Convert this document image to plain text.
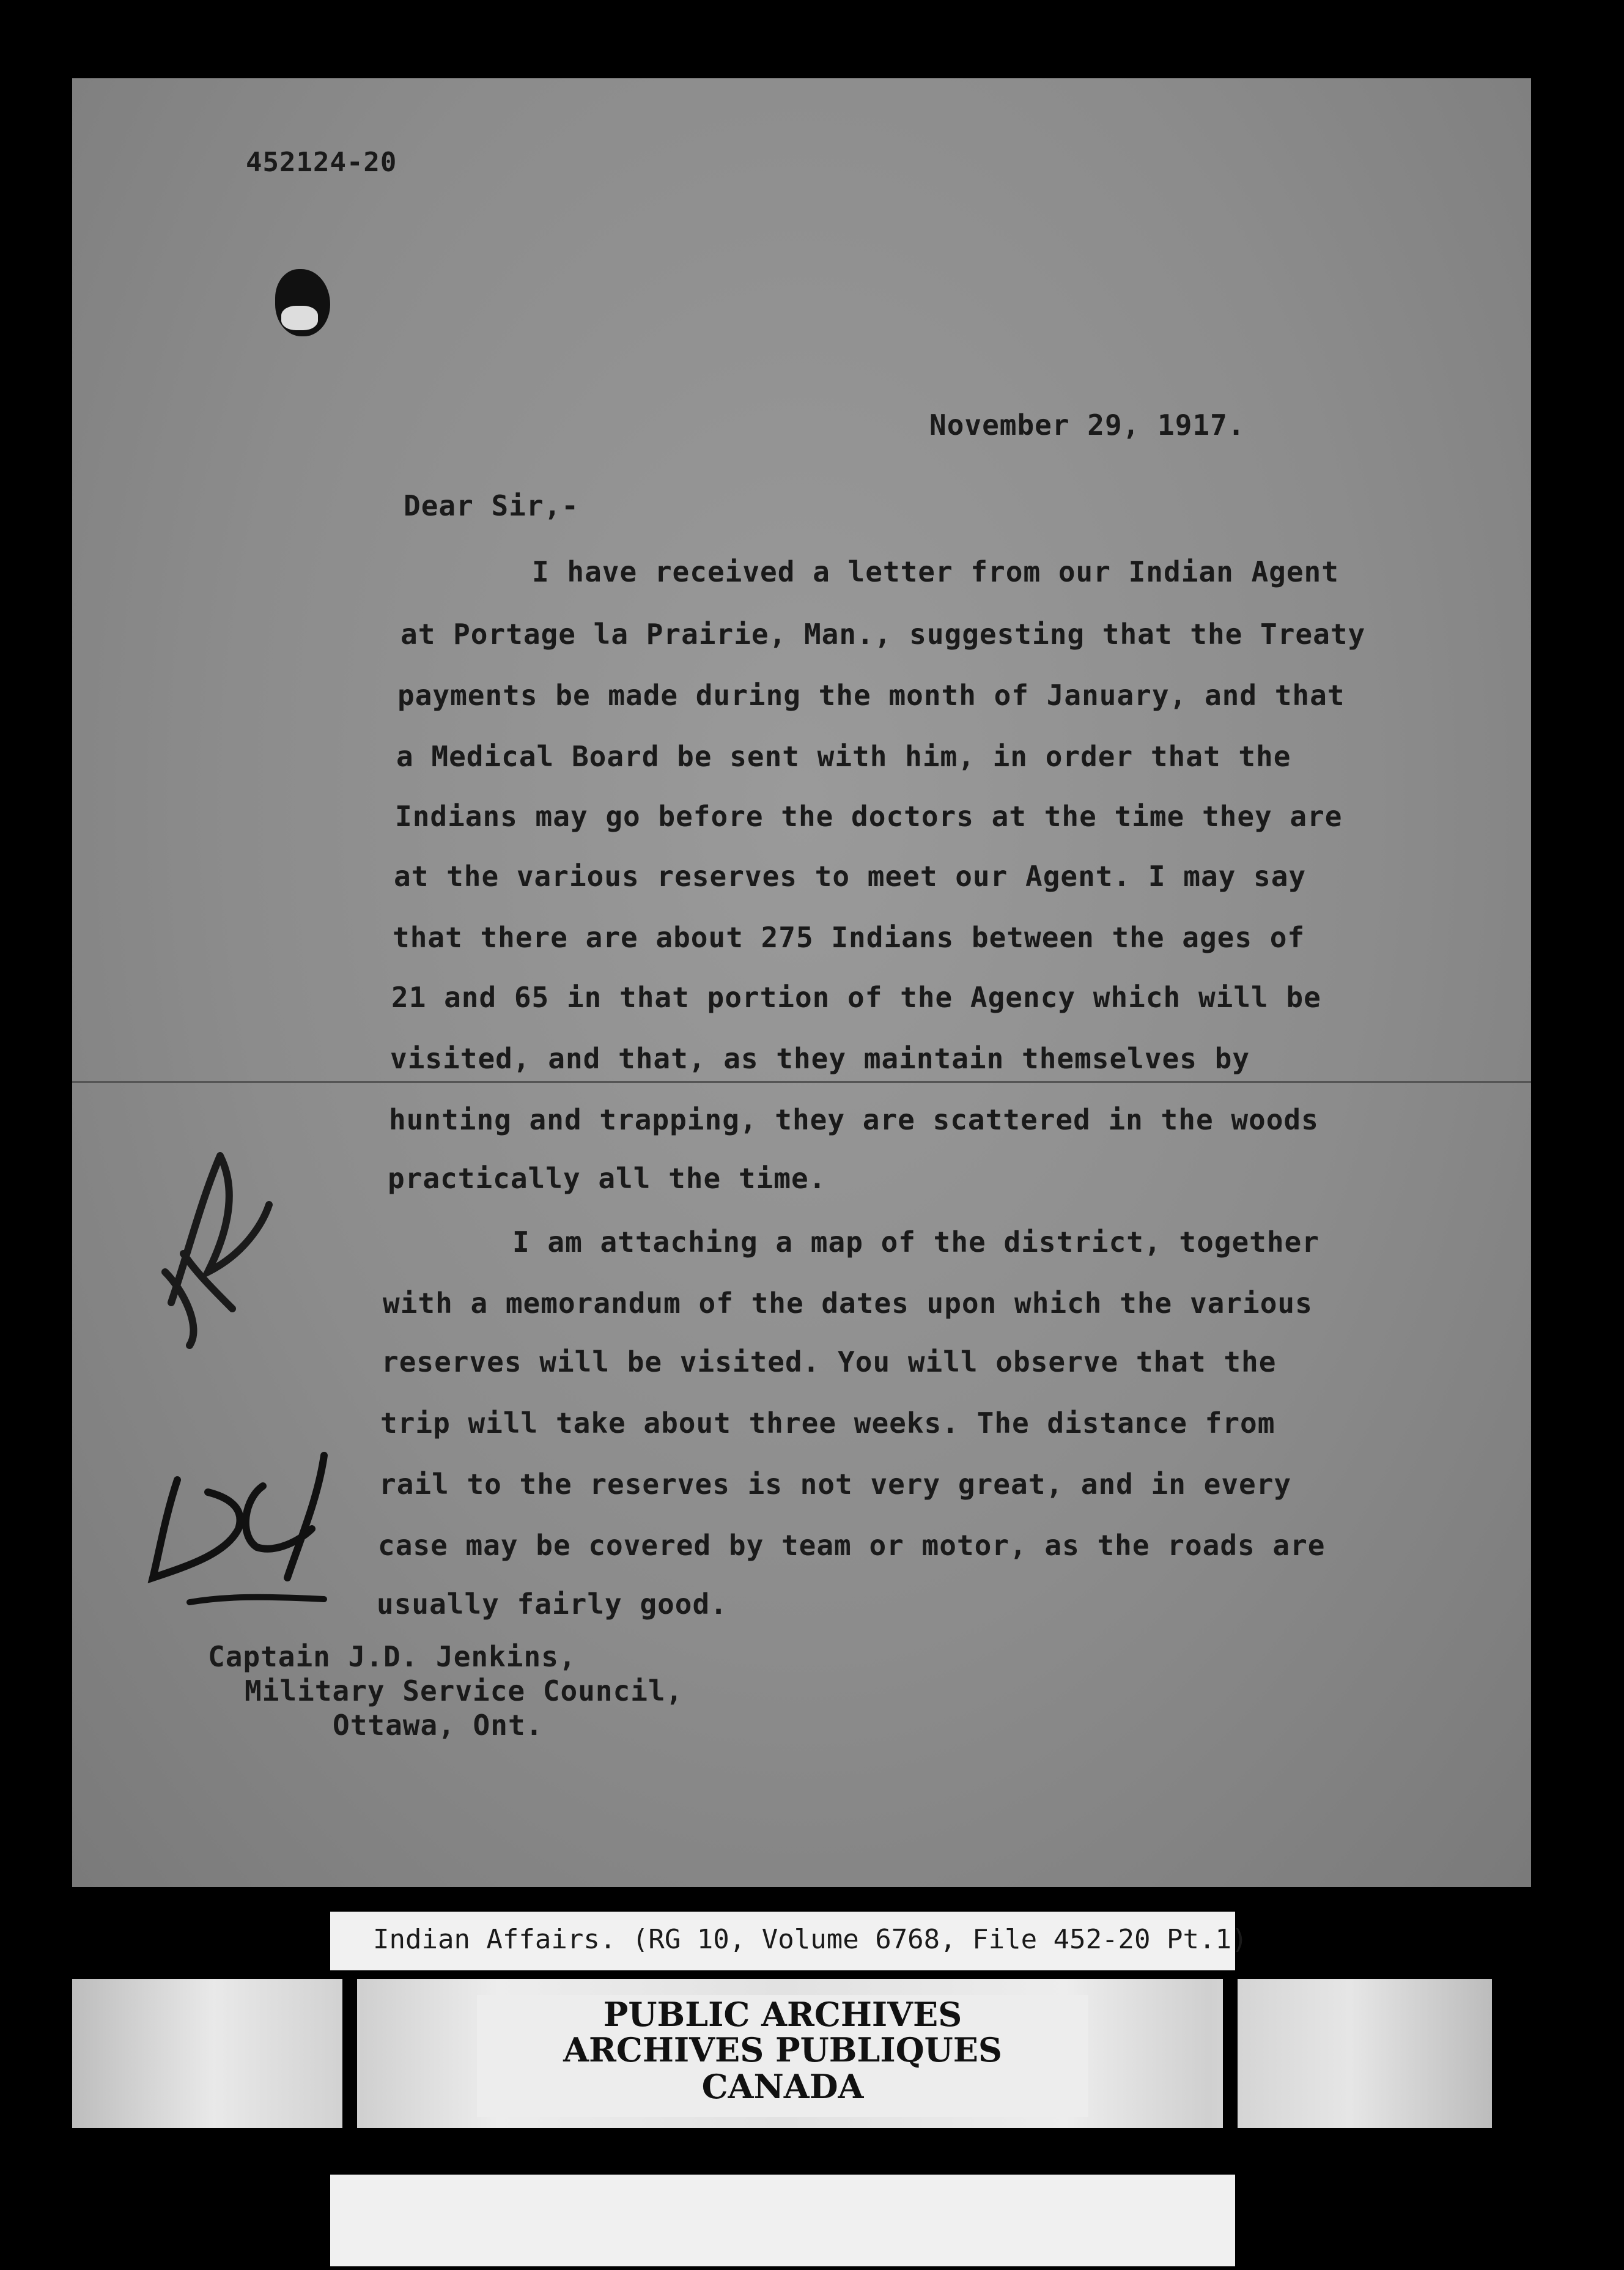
452124-20
November 29, 1917.
Dear Sir,-
I have received a letter from our Indian Agent
at Portage la Prairie, Man., suggesting that the Treaty
payments be made during the month of January, and that
a Medical Board be sent with him, in order that the
Indians may go before the doctors at the time they are
at the various reserves to meet our Agent. I may say
that there are about 275 Indians between the ages of
21 and 65 in that portion of the Agency which will be
visited, and that, as they maintain themselves by
hunting and trapping, they are scattered in the woods
practically all the time.
I am attaching a map of the district, together
with a memorandum of the dates upon which the various
reserves will be visited. You will observe that the
trip will take about three weeks. The distance from
rail to the reserves is not very great, and in every
case may be covered by team or motor, as the roads are
usually fairly good.
Captain J.D. Jenkins,
Military Service Council,
Ottawa, Ont.
Indian Affairs. (RG 10, Volume 6768, File 452-20 Pt.1)
PUBLIC ARCHIVES
ARCHIVES PUBLIQUES
CANADA
